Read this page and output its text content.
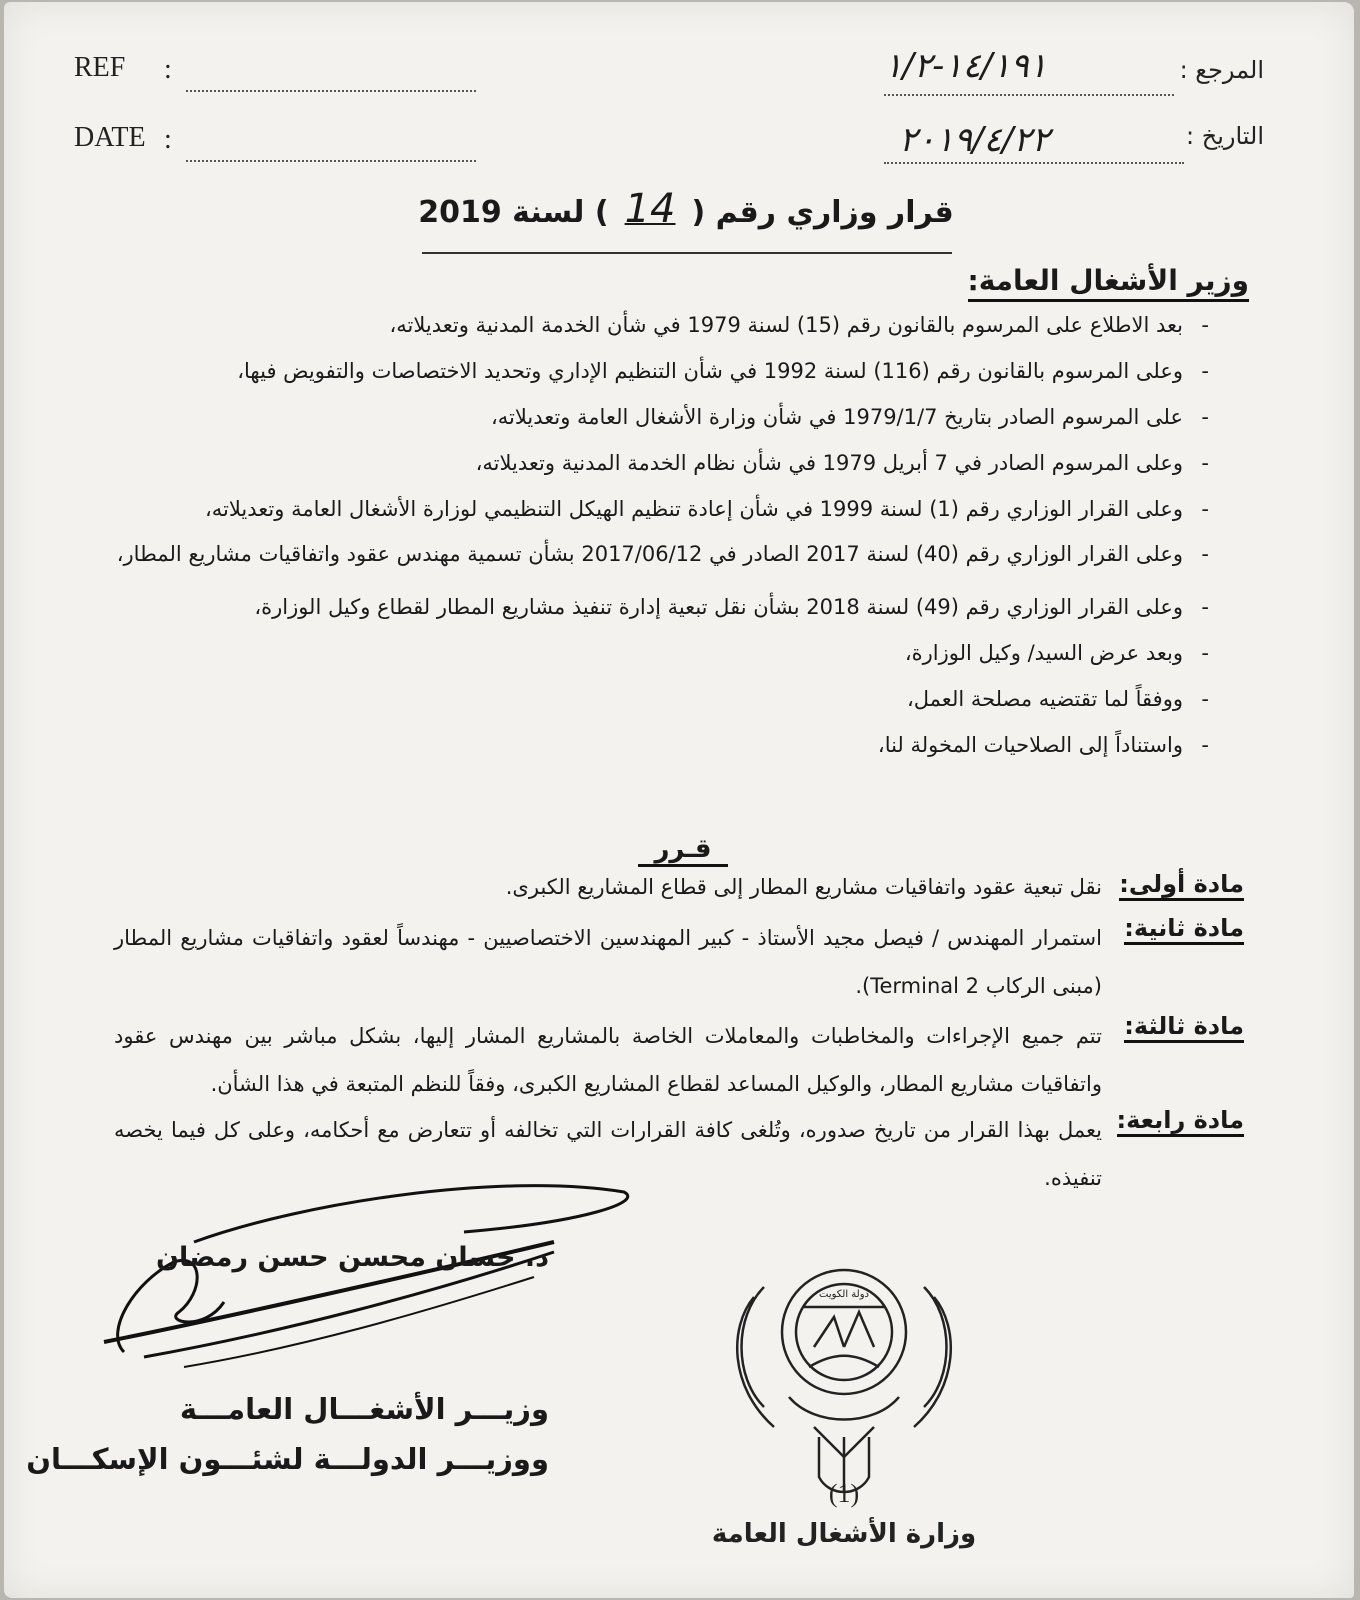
REF :
DATE :
المرجع :
١٤/١٩١-١/٢
التاريخ :
٢٠١٩/٤/٢٢
قرار وزاري رقم (14) لسنة 2019
وزير الأشغال العامة:

-
بعد الاطلاع على المرسوم بالقانون رقم (15) لسنة 1979 في شأن الخدمة المدنية وتعديلاته،

-
وعلى المرسوم بالقانون رقم (116) لسنة 1992 في شأن التنظيم الإداري وتحديد الاختصاصات والتفويض فيها،

-
على المرسوم الصادر بتاريخ 1979/1/7 في شأن وزارة الأشغال العامة وتعديلاته،

-
وعلى المرسوم الصادر في 7 أبريل 1979 في شأن نظام الخدمة المدنية وتعديلاته،

-
وعلى القرار الوزاري رقم (1) لسنة 1999 في شأن إعادة تنظيم الهيكل التنظيمي لوزارة الأشغال العامة وتعديلاته،

-
وعلى القرار الوزاري رقم (40) لسنة 2017 الصادر في 2017/06/12 بشأن تسمية مهندس عقود واتفاقيات مشاريع المطار،

-
وعلى القرار الوزاري رقم (49) لسنة 2018 بشأن نقل تبعية إدارة تنفيذ مشاريع المطار لقطاع وكيل الوزارة،

-
وبعد عرض السيد/ وكيل الوزارة،

-
ووفقاً لما تقتضيه مصلحة العمل،

-
واستناداً إلى الصلاحيات المخولة لنا،

قـرر
مادة أولى:
نقل تبعية عقود واتفاقيات مشاريع المطار إلى قطاع المشاريع الكبرى.
مادة ثانية:
استمرار المهندس / فيصل مجيد الأستاذ - كبير المهندسين الاختصاصيين - مهندساً لعقود واتفاقيات مشاريع المطار (مبنى الركاب Terminal 2).
مادة ثالثة:
تتم جميع الإجراءات والمخاطبات والمعاملات الخاصة بالمشاريع المشار إليها، بشكل مباشر بين مهندس عقود واتفاقيات مشاريع المطار، والوكيل المساعد لقطاع المشاريع الكبرى، وفقاً للنظم المتبعة في هذا الشأن.
مادة رابعة:
يعمل بهذا القرار من تاريخ صدوره، وتُلغى كافة القرارات التي تخالفه أو تتعارض مع أحكامه، وعلى كل فيما يخصه تنفيذه.
د. حسان محسن حسن رمضان
وزيـــر الأشغـــال العامـــة
ووزيـــر الدولـــة لشئـــون الإسكـــان
دولة الكويت
(1)
وزارة الأشغال العامة
